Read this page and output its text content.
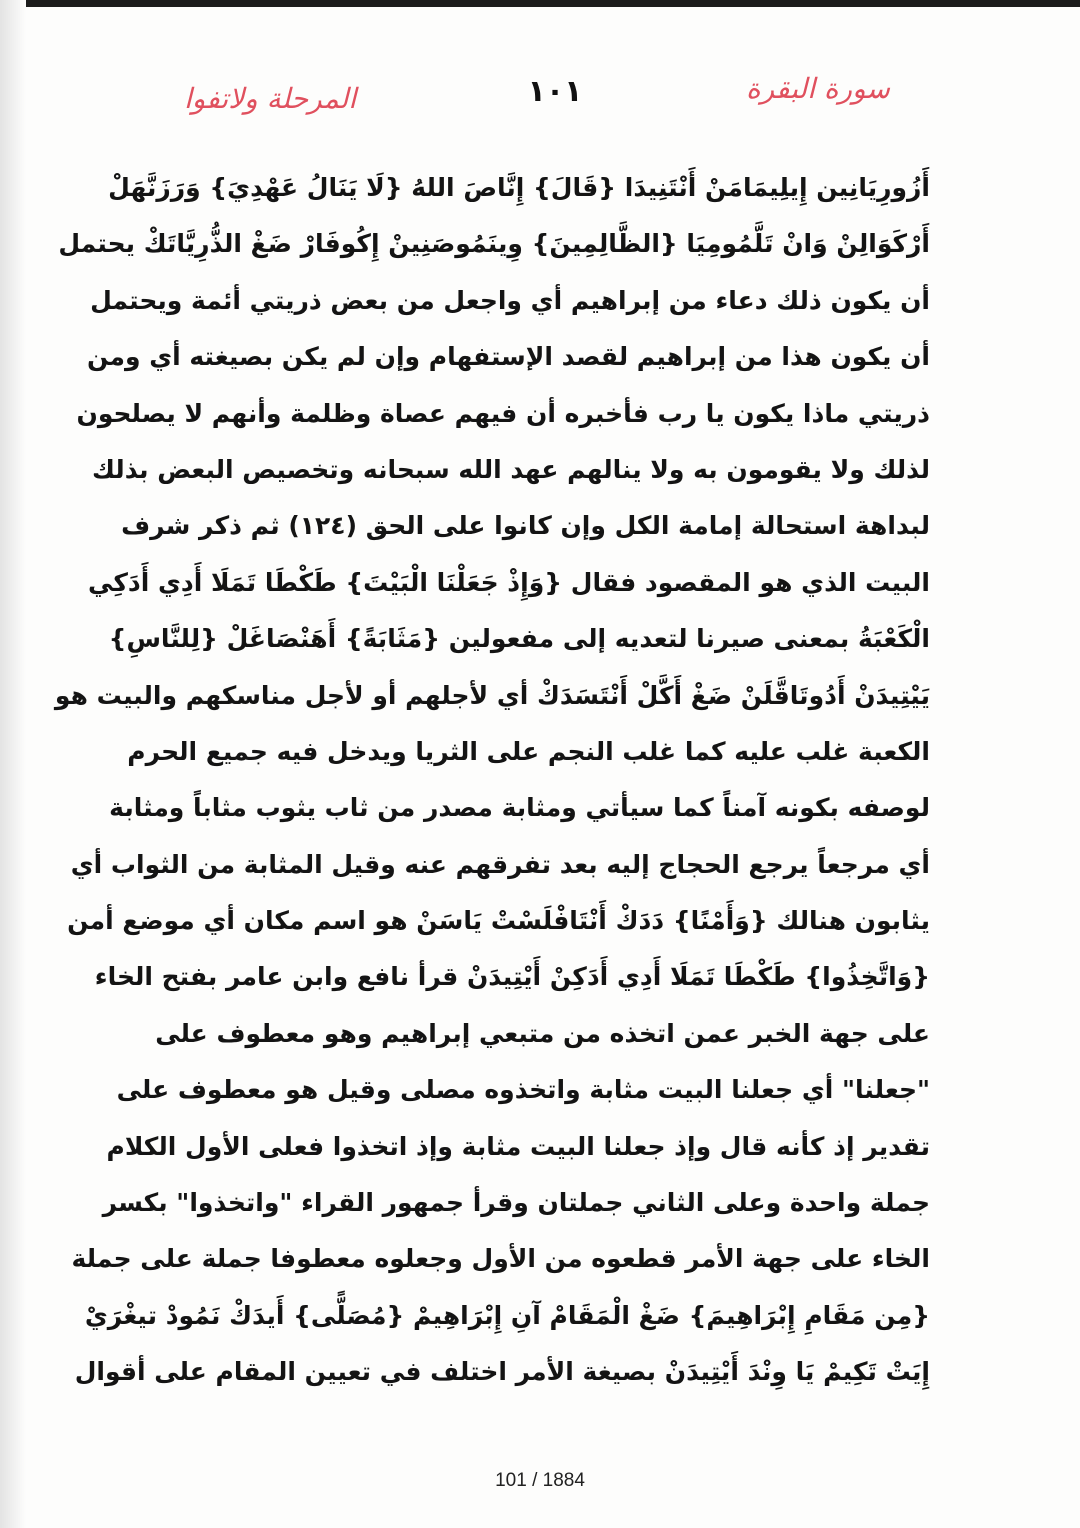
سورة البقرة
١٠١
المرحلة ولاتفوا
أَزُورِيَانِين إِيلِيمَامَنْ أَنْتَنِيدَا {قَالَ} إِنَّاصَ اللهُ {لَا يَنَالُ عَهْدِيَ} وَرَزَنَّهَلْ
أَرْكَوَالِنْ وَانْ تَلَّمُومِيَا {الظَّالِمِينَ} وِينَمُوصَنِينْ إِكُوفَارْ ضَغْ الذُّرِيَّاتَكْ يحتمل
أن يكون ذلك دعاء من إبراهيم أي واجعل من بعض ذريتي أئمة ويحتمل
أن يكون هذا من إبراهيم لقصد الإستفهام وإن لم يكن بصيغته أي ومن
ذريتي ماذا يكون يا رب فأخبره أن فيهم عصاة وظلمة وأنهم لا يصلحون
لذلك ولا يقومون به ولا ينالهم عهد الله سبحانه وتخصيص البعض بذلك
لبداهة استحالة إمامة الكل وإن كانوا على الحق (١٢٤) ثم ذكر شرف
البيت الذي هو المقصود فقال {وَإِذْ جَعَلْنَا الْبَيْتَ} طَكْطَا تَمَلَا أَدِي أَدَكِي
الْكَعْبَةُ بمعنى صيرنا لتعديه إلى مفعولين {مَثَابَةً} أَهَنْصَاغَلْ {لِلنَّاسِ}
يَيْتِيدَنْ أَدُوتَاقَّلَنْ ضَغْ أَكَّلْ أَنْتَسَدَكْ أي لأجلهم أو لأجل مناسكهم والبيت هو
الكعبة غلب عليه كما غلب النجم على الثريا ويدخل فيه جميع الحرم
لوصفه بكونه آمناً كما سيأتي ومثابة مصدر من ثاب يثوب مثاباً ومثابة
أي مرجعاً يرجع الحجاج إليه بعد تفرقهم عنه وقيل المثابة من الثواب أي
يثابون هنالك {وَأَمْنًا} دَدَكْ أَنْتَافْلَسْتْ يَاسَنْ هو اسم مكان أي موضع أمن
{وَاتَّخِذُوا} طَكْطَا تَمَلَا أَدِي أَدَكِنْ أَيْتِيدَنْ قرأ نافع وابن عامر بفتح الخاء
على جهة الخبر عمن اتخذه من متبعي إبراهيم وهو معطوف على
"جعلنا" أي جعلنا البيت مثابة واتخذوه مصلى وقيل هو معطوف على
تقدير إذ كأنه قال وإذ جعلنا البيت مثابة وإذ اتخذوا فعلى الأول الكلام
جملة واحدة وعلى الثاني جملتان وقرأ جمهور القراء "واتخذوا" بكسر
الخاء على جهة الأمر قطعوه من الأول وجعلوه معطوفا جملة على جملة
{مِن مَقَامِ إِبْرَاهِيمَ} ضَغْ الْمَقَامْ آنِ إِبْرَاهِيمْ {مُصَلًّى} أَيدَكْ نَمُودْ تيغْرَيْ
إِيَتْ تَكِيمْ يَا وِنْدَ أَيْتِيدَنْ بصيغة الأمر اختلف في تعيين المقام على أقوال
101 / 1884
